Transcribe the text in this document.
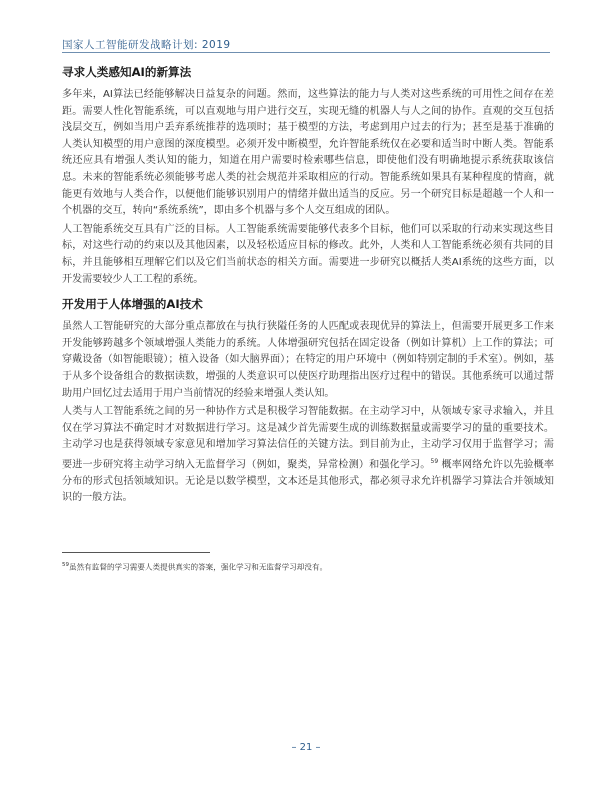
国家人工智能研发战略计划: 2019
寻求人类感知AI的新算法

多年来，AI算法已经能够解决日益复杂的问题。然而，这些算法的能力与人类对这些系统的可用性之间存在差距。需要人性化智能系统，可以直观地与用户进行交互，实现无缝的机器人与人之间的协作。直观的交互包括浅层交互，例如当用户丢弃系统推荐的选项时；基于模型的方法，考虑到用户过去的行为；甚至是基于准确的人类认知模型的用户意图的深度模型。必须开发中断模型，允许智能系统仅在必要和适当时中断人类。智能系统还应具有增强人类认知的能力，知道在用户需要时检索哪些信息，即使他们没有明确地提示系统获取该信息。未来的智能系统必须能够考虑人类的社会规范并采取相应的行动。智能系统如果具有某种程度的情商，就能更有效地与人类合作，以便他们能够识别用户的情绪并做出适当的反应。另一个研究目标是超越一个人和一个机器的交互，转向“系统系统”，即由多个机器与多个人交互组成的团队。

人工智能系统交互具有广泛的目标。人工智能系统需要能够代表多个目标，他们可以采取的行动来实现这些目标，对这些行动的约束以及其他因素，以及轻松适应目标的修改。此外，人类和人工智能系统必须有共同的目标，并且能够相互理解它们以及它们当前状态的相关方面。需要进一步研究以概括人类AI系统的这些方面，以开发需要较少人工工程的系统。

开发用于人体增强的AI技术

虽然人工智能研究的大部分重点都放在与执行狭隘任务的人匹配或表现优异的算法上，但需要开展更多工作来开发能够跨越多个领域增强人类能力的系统。人体增强研究包括在固定设备（例如计算机）上工作的算法；可穿戴设备（如智能眼镜）；植入设备（如大脑界面）；在特定的用户环境中（例如特别定制的手术室）。例如，基于从多个设备组合的数据读数，增强的人类意识可以使医疗助理指出医疗过程中的错误。其他系统可以通过帮助用户回忆过去适用于用户当前情况的经验来增强人类认知。

人类与人工智能系统之间的另一种协作方式是积极学习智能数据。在主动学习中，从领域专家寻求输入，并且仅在学习算法不确定时才对数据进行学习。这是减少首先需要生成的训练数据量或需要学习的量的重要技术。主动学习也是获得领域专家意见和增加学习算法信任的关键方法。到目前为止，主动学习仅用于监督学习；需要进一步研究将主动学习纳入无监督学习（例如，聚类，异常检测）和强化学习。$^{59}$ 概率网络允许以先验概率分布的形式包括领域知识。无论是以数学模型，文本还是其他形式，都必须寻求允许机器学习算法合并领域知识的一般方法。

$^{59}$虽然有监督的学习需要人类提供真实的答案，强化学习和无监督学习却没有。
– 21 –
